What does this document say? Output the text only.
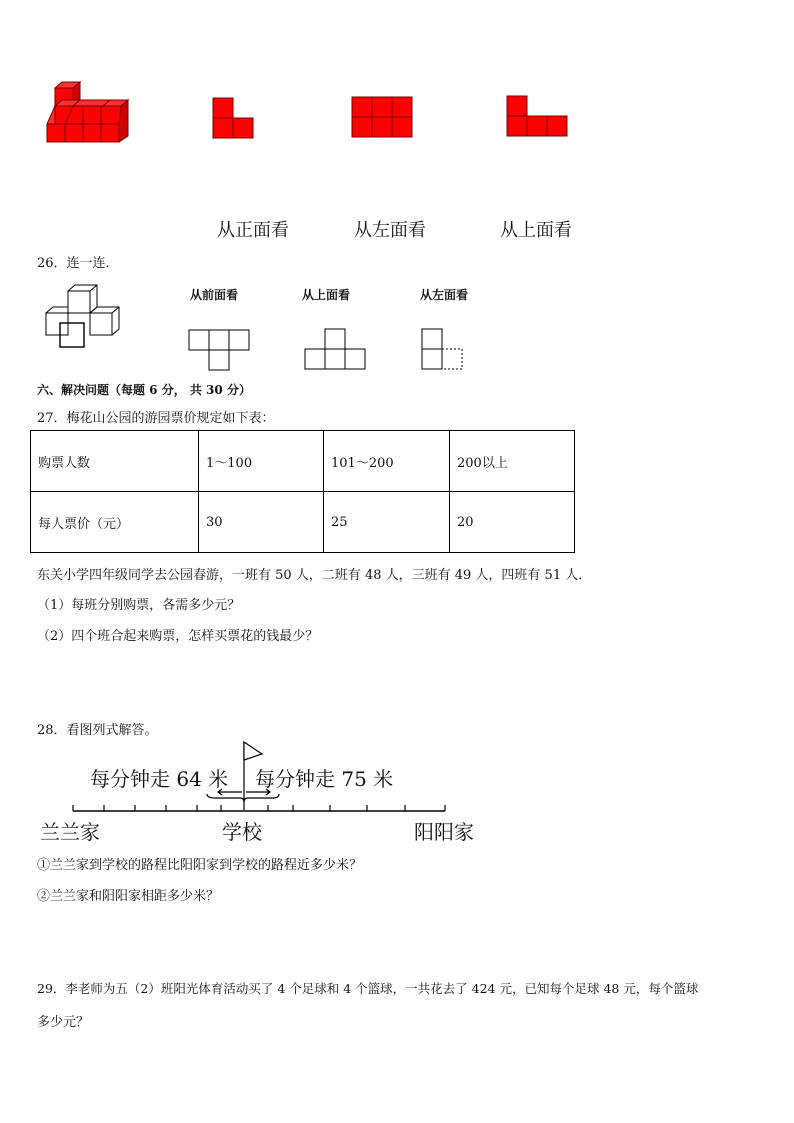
从正面看	从左面看	从上面看
26．连一连．
从前面看	从上面看	从左面看
六、解决问题（每题 6 分， 共 30 分）
27．梅花山公园的游园票价规定如下表：
购票人数	1～100	101～200	200以上
每人票价（元）	30	25	20
东关小学四年级同学去公园春游，一班有 50 人，二班有 48 人，三班有 49 人，四班有 51 人．
（1）每班分别购票，各需多少元？
（2）四个班合起来购票，怎样买票花的钱最少？
28．看图列式解答。
每分钟走 64 米 每分钟走 75 米
兰兰家	学校	阳阳家
①兰兰家到学校的路程比阳阳家到学校的路程近多少米？
②兰兰家和阳阳家相距多少米？
29．李老师为五（2）班阳光体育活动买了 4 个足球和 4 个篮球，一共花去了 424 元，已知每个足球 48 元，每个篮球
多少元？
